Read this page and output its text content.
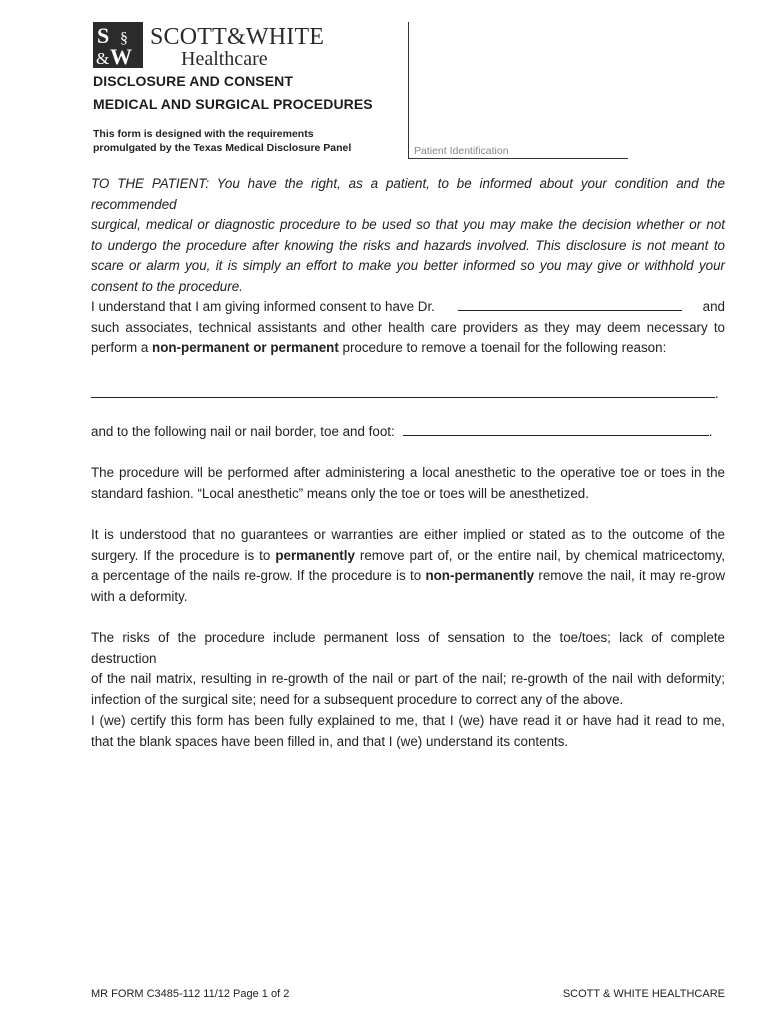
S §
& W
SCOTT&WHITE
Healthcare
DISCLOSURE AND CONSENT
MEDICAL AND SURGICAL PROCEDURES
This form is designed with the requirements
promulgated by the Texas Medical Disclosure Panel	Patient Identification
TO THE PATIENT: You have the right, as a patient, to be informed about your condition and the recommended
surgical, medical or diagnostic procedure to be used so that you may make the decision whether or not
to undergo the procedure after knowing the risks and hazards involved. This disclosure is not meant to
scare or alarm you, it is simply an effort to make you better informed so you may give or withhold your
consent to the procedure.
I understand that I am giving informed consent to have Dr.	and
such associates, technical assistants and other health care providers as they may deem necessary to
perform a non-permanent or permanent procedure to remove a toenail for the following reason:
.
and to the following nail or nail border, toe and foot:	.
The procedure will be performed after administering a local anesthetic to the operative toe or toes in the
standard fashion. “Local anesthetic” means only the toe or toes will be anesthetized.
It is understood that no guarantees or warranties are either implied or stated as to the outcome of the
surgery. If the procedure is to permanently remove part of, or the entire nail, by chemical matricectomy,
a percentage of the nails re-grow. If the procedure is to non-permanently remove the nail, it may re-grow
with a deformity.
The risks of the procedure include permanent loss of sensation to the toe/toes; lack of complete destruction
of the nail matrix, resulting in re-growth of the nail or part of the nail; re-growth of the nail with deformity;
infection of the surgical site; need for a subsequent procedure to correct any of the above.
I (we) certify this form has been fully explained to me, that I (we) have read it or have had it read to me,
that the blank spaces have been filled in, and that I (we) understand its contents.
MR FORM C3485-112 11/12 Page 1 of 2	SCOTT & WHITE HEALTHCARE
